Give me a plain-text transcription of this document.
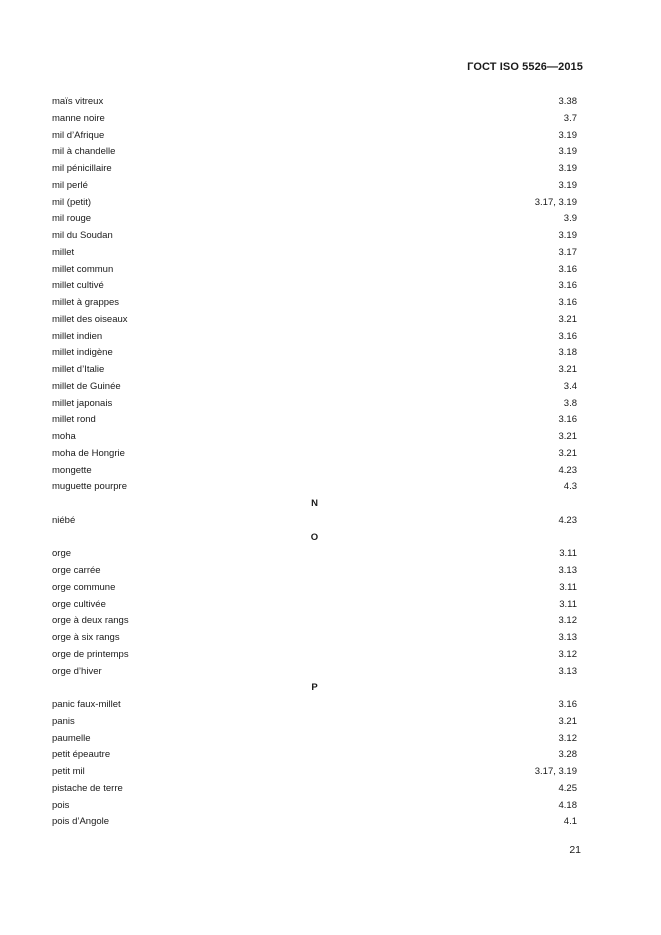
ГОСТ ISO 5526—2015
maïs vitreux	3.38
manne noire	3.7
mil d’Afrique	3.19
mil à chandelle	3.19
mil pénicillaire	3.19
mil perlé	3.19
mil (petit)	3.17, 3.19
mil rouge	3.9
mil du Soudan	3.19
millet	3.17
millet commun	3.16
millet cultivé	3.16
millet à grappes	3.16
millet des oiseaux	3.21
millet indien	3.16
millet indigène	3.18
millet d’Italie	3.21
millet de Guinée	3.4
millet japonais	3.8
millet rond	3.16
moha	3.21
moha de Hongrie	3.21
mongette	4.23
muguette pourpre	4.3
N
niébé	4.23
O
orge	3.11
orge carrée	3.13
orge commune	3.11
orge cultivée	3.11
orge à deux rangs	3.12
orge à six rangs	3.13
orge de printemps	3.12
orge d’hiver	3.13
P
panic faux-millet	3.16
panis	3.21
paumelle	3.12
petit épeautre	3.28
petit mil	3.17, 3.19
pistache de terre	4.25
pois	4.18
pois d’Angole	4.1
21
